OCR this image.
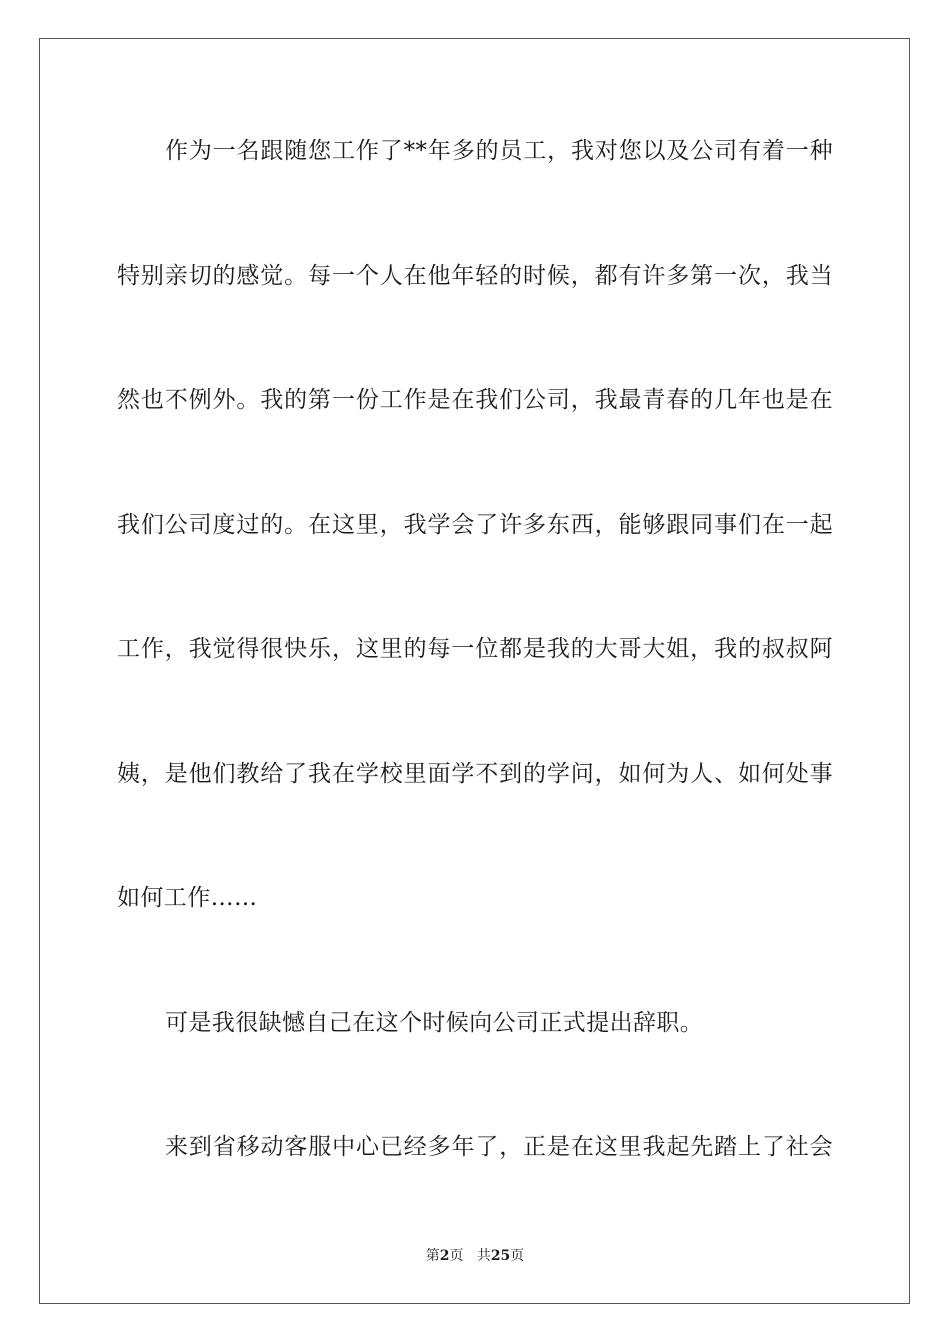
作为一名跟随您工作了**年多的员工，我对您以及公司有着一种
特别亲切的感觉。每一个人在他年轻的时候，都有许多第一次，我当
然也不例外。我的第一份工作是在我们公司，我最青春的几年也是在
我们公司度过的。在这里，我学会了许多东西，能够跟同事们在一起
工作，我觉得很快乐，这里的每一位都是我的大哥大姐，我的叔叔阿
姨，是他们教给了我在学校里面学不到的学问，如何为人、如何处事
如何工作……
可是我很缺憾自己在这个时候向公司正式提出辞职。
来到省移动客服中心已经多年了，正是在这里我起先踏上了社会
第2页 共25页
